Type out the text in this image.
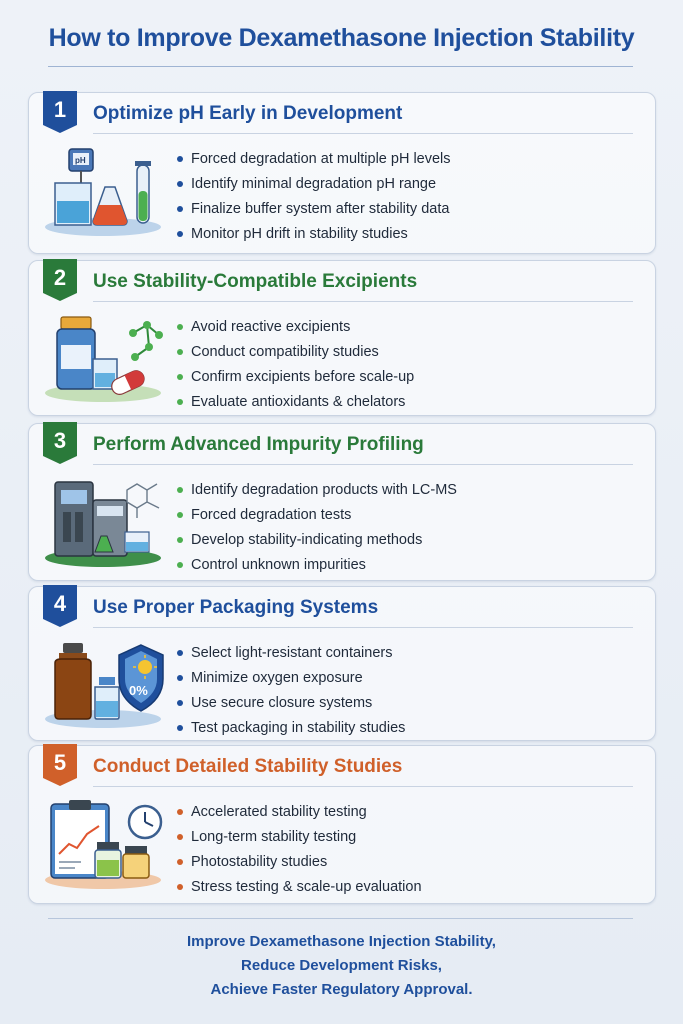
How to Improve Dexamethasone Injection Stability
1	Optimize pH Early in Development
pH	Forced degradation at multiple pH levels
Identify minimal degradation pH range
Finalize buffer system after stability data
Monitor pH drift in stability studies
2	Use Stability-Compatible Excipients
Avoid reactive excipients
Conduct compatibility studies
Confirm excipients before scale-up
Evaluate antioxidants & chelators
3	Perform Advanced Impurity Profiling
Identify degradation products with LC-MS
Forced degradation tests
Develop stability-indicating methods
Control unknown impurities
4	Use Proper Packaging Systems
0%
Select light-resistant containers
Minimize oxygen exposure
Use secure closure systems
Test packaging in stability studies
5	Conduct Detailed Stability Studies
Accelerated stability testing
Long-term stability testing
Photostability studies
Stress testing & scale-up evaluation
Improve Dexamethasone Injection Stability,
Reduce Development Risks,
Achieve Faster Regulatory Approval.
